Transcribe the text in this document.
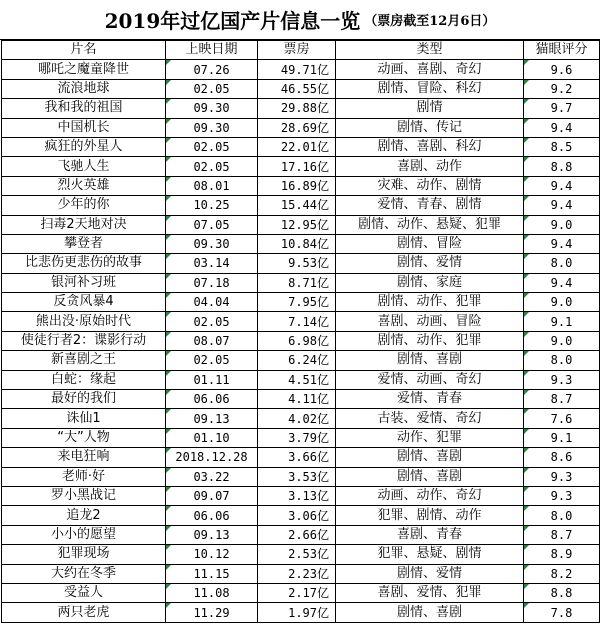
2019年过亿国产片信息一览 （票房截至12月6日）
片名	上映日期	票房	类型	猫眼评分
哪吒之魔童降世	07.26	49.71亿	动画、喜剧、奇幻	9.6
流浪地球	02.05	46.55亿	剧情、冒险、科幻	9.2
我和我的祖国	09.30	29.88亿	剧情	9.7
中国机长	09.30	28.69亿	剧情、传记	9.4
疯狂的外星人	02.05	22.01亿	剧情、喜剧、科幻	8.5
飞驰人生	02.05	17.16亿	喜剧、动作	8.8
烈火英雄	08.01	16.89亿	灾难、动作、剧情	9.4
少年的你	10.25	15.44亿	爱情、青春、剧情	9.4
扫毒2天地对决	07.05	12.95亿	剧情、动作、悬疑、犯罪	9.0
攀登者	09.30	10.84亿	剧情、冒险	9.4
比悲伤更悲伤的故事	03.14	9.53亿	剧情、爱情	8.0
银河补习班	07.18	8.71亿	剧情、家庭	9.4
反贪风暴4	04.04	7.95亿	剧情、动作、犯罪	9.0
熊出没·原始时代	02.05	7.14亿	喜剧、动画、冒险	9.1
使徒行者2：谍影行动	08.07	6.98亿	剧情、动作、犯罪	9.0
新喜剧之王	02.05	6.24亿	剧情、喜剧	8.0
白蛇：缘起	01.11	4.51亿	爱情、动画、奇幻	9.3
最好的我们	06.06	4.11亿	爱情、青春	8.7
诛仙1	09.13	4.02亿	古装、爱情、奇幻	7.6
“大”人物	01.10	3.79亿	动作、犯罪	9.1
来电狂响	2018.12.28	3.66亿	剧情、喜剧	8.6
老师·好	03.22	3.53亿	剧情、喜剧	9.3
罗小黑战记	09.07	3.13亿	动画、动作、奇幻	9.3
追龙2	06.06	3.06亿	犯罪、剧情、动作	8.0
小小的愿望	09.13	2.66亿	喜剧、青春	8.7
犯罪现场	10.12	2.53亿	犯罪、悬疑、剧情	8.9
大约在冬季	11.15	2.23亿	剧情、爱情	8.2
受益人	11.08	2.17亿	喜剧、爱情、犯罪	8.8
两只老虎	11.29	1.97亿	剧情、喜剧	7.8
